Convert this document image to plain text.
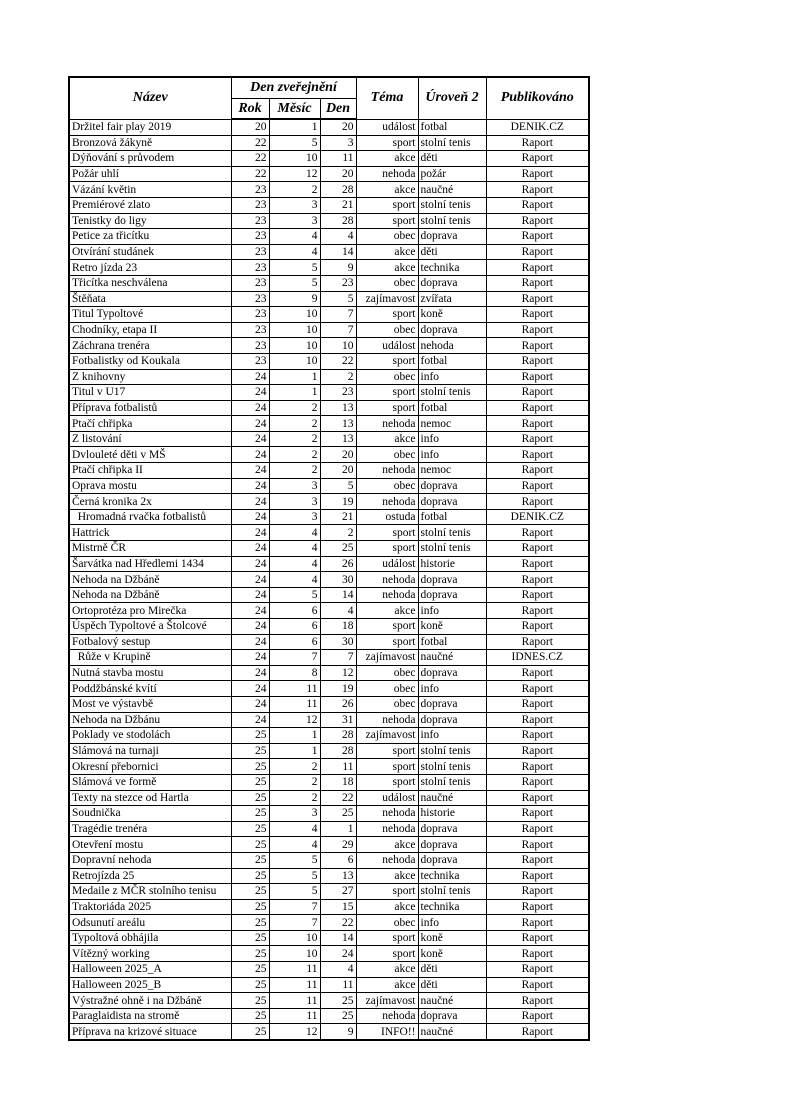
Název	Den zveřejnění			Téma	Úroveň 2	Publikováno
	Rok	Měsíc	Den			
Držitel fair play 2019	20	1	20	událost	fotbal	DENIK.CZ
Bronzová žákyně	22	5	3	sport	stolní tenis	Raport
Dýňování s průvodem	22	10	11	akce	děti	Raport
Požár uhlí	22	12	20	nehoda	požár	Raport
Vázání květin	23	2	28	akce	naučné	Raport
Premiérové zlato	23	3	21	sport	stolní tenis	Raport
Tenistky do ligy	23	3	28	sport	stolní tenis	Raport
Petice za třicítku	23	4	4	obec	doprava	Raport
Otvírání studánek	23	4	14	akce	děti	Raport
Retro jízda 23	23	5	9	akce	technika	Raport
Třicítka neschválena	23	5	23	obec	doprava	Raport
Štěňata	23	9	5	zajímavost	zvířata	Raport
Titul Typoltové	23	10	7	sport	koně	Raport
Chodníky, etapa II	23	10	7	obec	doprava	Raport
Záchrana trenéra	23	10	10	událost	nehoda	Raport
Fotbalistky od Koukala	23	10	22	sport	fotbal	Raport
Z knihovny	24	1	2	obec	info	Raport
Titul v U17	24	1	23	sport	stolní tenis	Raport
Příprava fotbalistů	24	2	13	sport	fotbal	Raport
Ptačí chřipka	24	2	13	nehoda	nemoc	Raport
Z listování	24	2	13	akce	info	Raport
Dvlouleté děti v MŠ	24	2	20	obec	info	Raport
Ptačí chřipka II	24	2	20	nehoda	nemoc	Raport
Oprava mostu	24	3	5	obec	doprava	Raport
Černá kronika 2x	24	3	19	nehoda	doprava	Raport
Hromadná rvačka fotbalistů	24	3	21	ostuda	fotbal	DENIK.CZ
Hattrick	24	4	2	sport	stolní tenis	Raport
Mistrně ČR	24	4	25	sport	stolní tenis	Raport
Šarvátka nad Hředlemi 1434	24	4	26	událost	historie	Raport
Nehoda na Džbáně	24	4	30	nehoda	doprava	Raport
Nehoda na Džbáně	24	5	14	nehoda	doprava	Raport
Ortoprotéza pro Mirečka	24	6	4	akce	info	Raport
Úspěch Typoltové a Štolcové	24	6	18	sport	koně	Raport
Fotbalový sestup	24	6	30	sport	fotbal	Raport
Růže v Krupině	24	7	7	zajímavost	naučné	IDNES.CZ
Nutná stavba mostu	24	8	12	obec	doprava	Raport
Poddžbánské kvítí	24	11	19	obec	info	Raport
Most ve výstavbě	24	11	26	obec	doprava	Raport
Nehoda na Džbánu	24	12	31	nehoda	doprava	Raport
Poklady ve stodolách	25	1	28	zajímavost	info	Raport
Slámová na turnaji	25	1	28	sport	stolní tenis	Raport
Okresní přebornici	25	2	11	sport	stolní tenis	Raport
Slámová ve formě	25	2	18	sport	stolní tenis	Raport
Texty na stezce od Hartla	25	2	22	událost	naučné	Raport
Soudnička	25	3	25	nehoda	historie	Raport
Tragédie trenéra	25	4	1	nehoda	doprava	Raport
Otevření mostu	25	4	29	akce	doprava	Raport
Dopravní nehoda	25	5	6	nehoda	doprava	Raport
Retrojízda 25	25	5	13	akce	technika	Raport
Medaile z MČR stolního tenisu	25	5	27	sport	stolní tenis	Raport
Traktoriáda 2025	25	7	15	akce	technika	Raport
Odsunutí areálu	25	7	22	obec	info	Raport
Typoltová obhájila	25	10	14	sport	koně	Raport
Vítězný working	25	10	24	sport	koně	Raport
Halloween 2025_A	25	11	4	akce	děti	Raport
Halloween 2025_B	25	11	11	akce	děti	Raport
Výstražné ohně i na Džbáně	25	11	25	zajímavost	naučné	Raport
Paraglaidista na stromě	25	11	25	nehoda	doprava	Raport
Příprava na krizové situace	25	12	9	INFO!!	naučné	Raport
